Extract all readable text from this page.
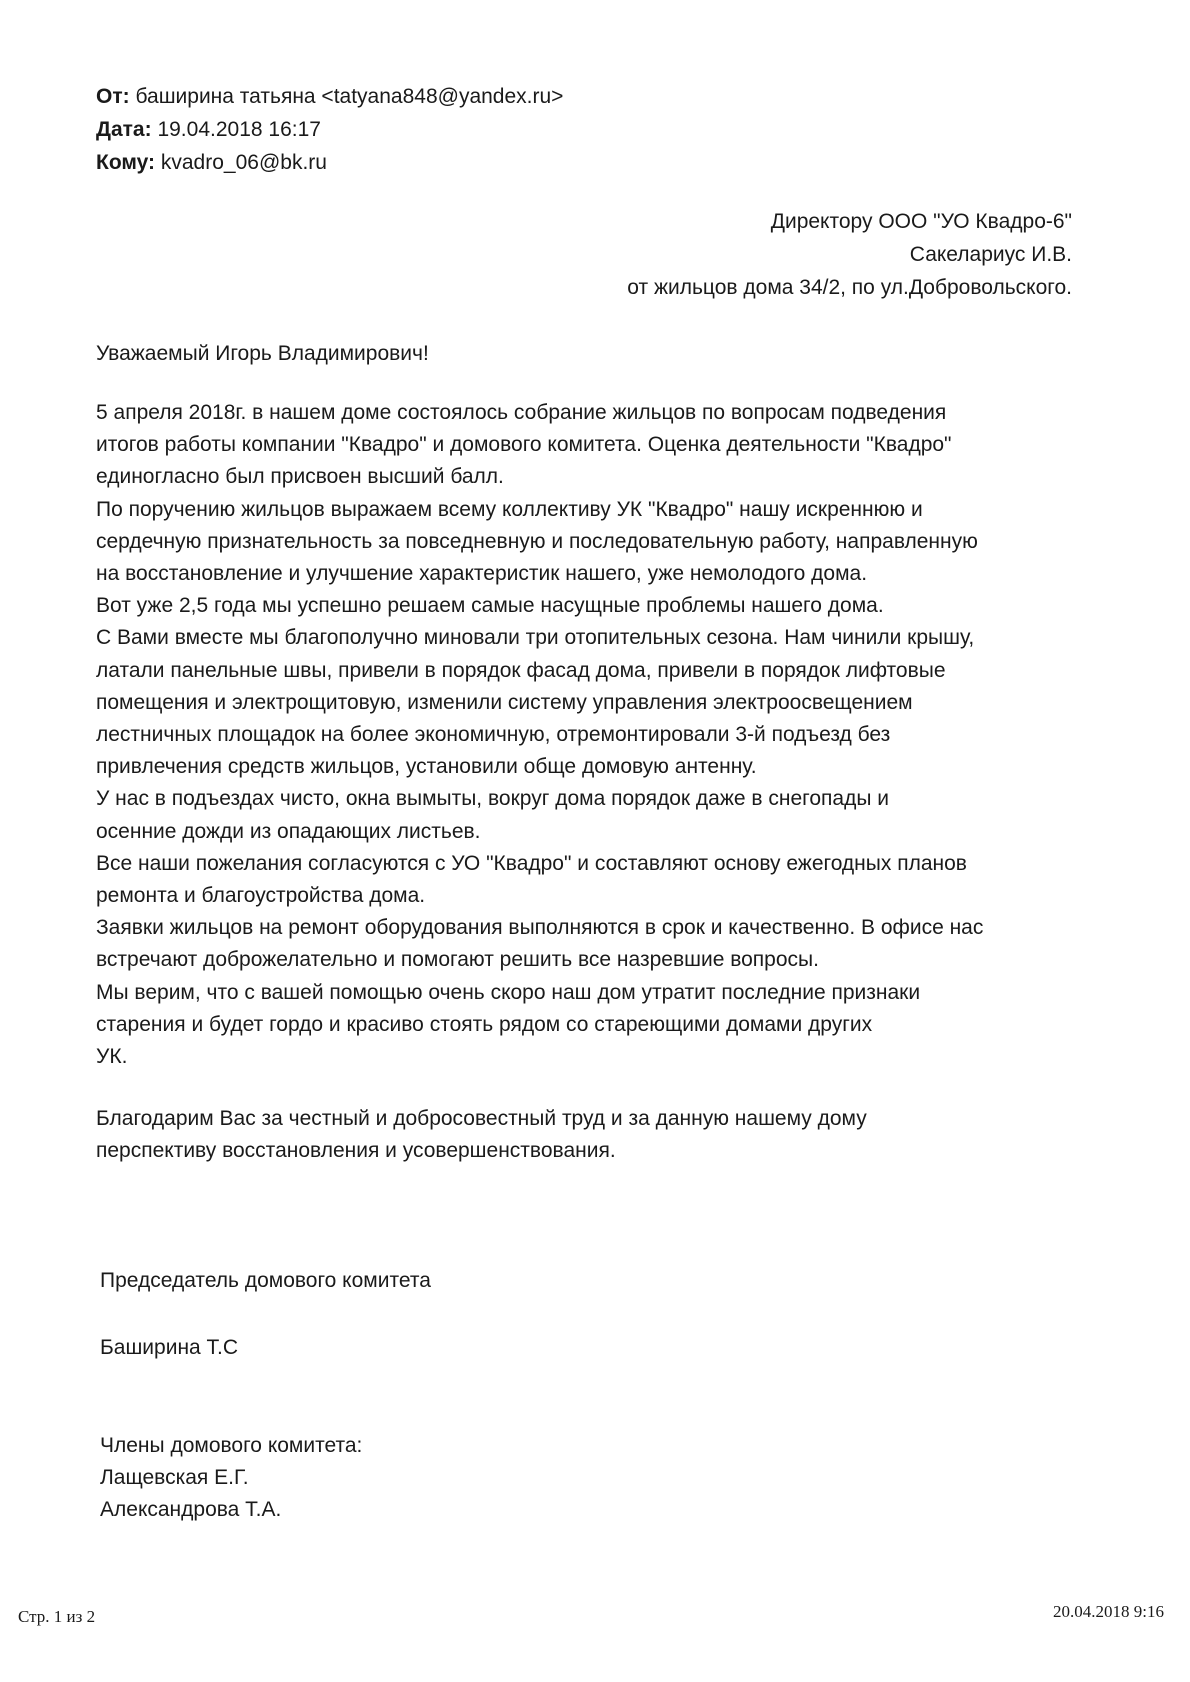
От: баширина татьяна <tatyana848@yandex.ru>
Дата: 19.04.2018 16:17
Кому: kvadro_06@bk.ru
Директору ООО "УО Квадро-6"
Сакелариус И.В.
от жильцов дома 34/2, по ул.Добровольского.
Уважаемый Игорь Владимирович!
5 апреля 2018г. в нашем доме состоялось собрание жильцов по вопросам подведения
итогов работы компании "Квадро" и домового комитета. Оценка деятельности "Квадро"
единогласно был присвоен высший балл.
По поручению жильцов выражаем всему коллективу УК "Квадро" нашу искреннюю и
сердечную признательность за повседневную и последовательную работу, направленную
на восстановление и улучшение характеристик нашего, уже немолодого дома.
Вот уже 2,5 года мы успешно решаем самые насущные проблемы нашего дома.
С Вами вместе мы благополучно миновали три отопительных сезона. Нам чинили крышу,
латали панельные швы, привели в порядок фасад дома, привели в порядок лифтовые
помещения и электрощитовую, изменили систему управления электроосвещением
лестничных площадок на более экономичную, отремонтировали 3-й подъезд без
привлечения средств жильцов, установили обще домовую антенну.
У нас в подъездах чисто, окна вымыты, вокруг дома порядок даже в снегопады и
осенние дожди из опадающих листьев.
Все наши пожелания согласуются с УО "Квадро" и составляют основу ежегодных планов
ремонта и благоустройства дома.
Заявки жильцов на ремонт оборудования выполняются в срок и качественно. В офисе нас
встречают доброжелательно и помогают решить все назревшие вопросы.
Мы верим, что с вашей помощью очень скоро наш дом утратит последние признаки
старения и будет гордо и красиво стоять рядом со стареющими домами других
УК.
Благодарим Вас за честный и добросовестный труд и за данную нашему дому
перспективу восстановления и усовершенствования.
Председатель домового комитета
Баширина Т.С
Члены домового комитета:
Лащевская Е.Г.
Александрова Т.А.
Стр. 1 из 2	20.04.2018 9:16
